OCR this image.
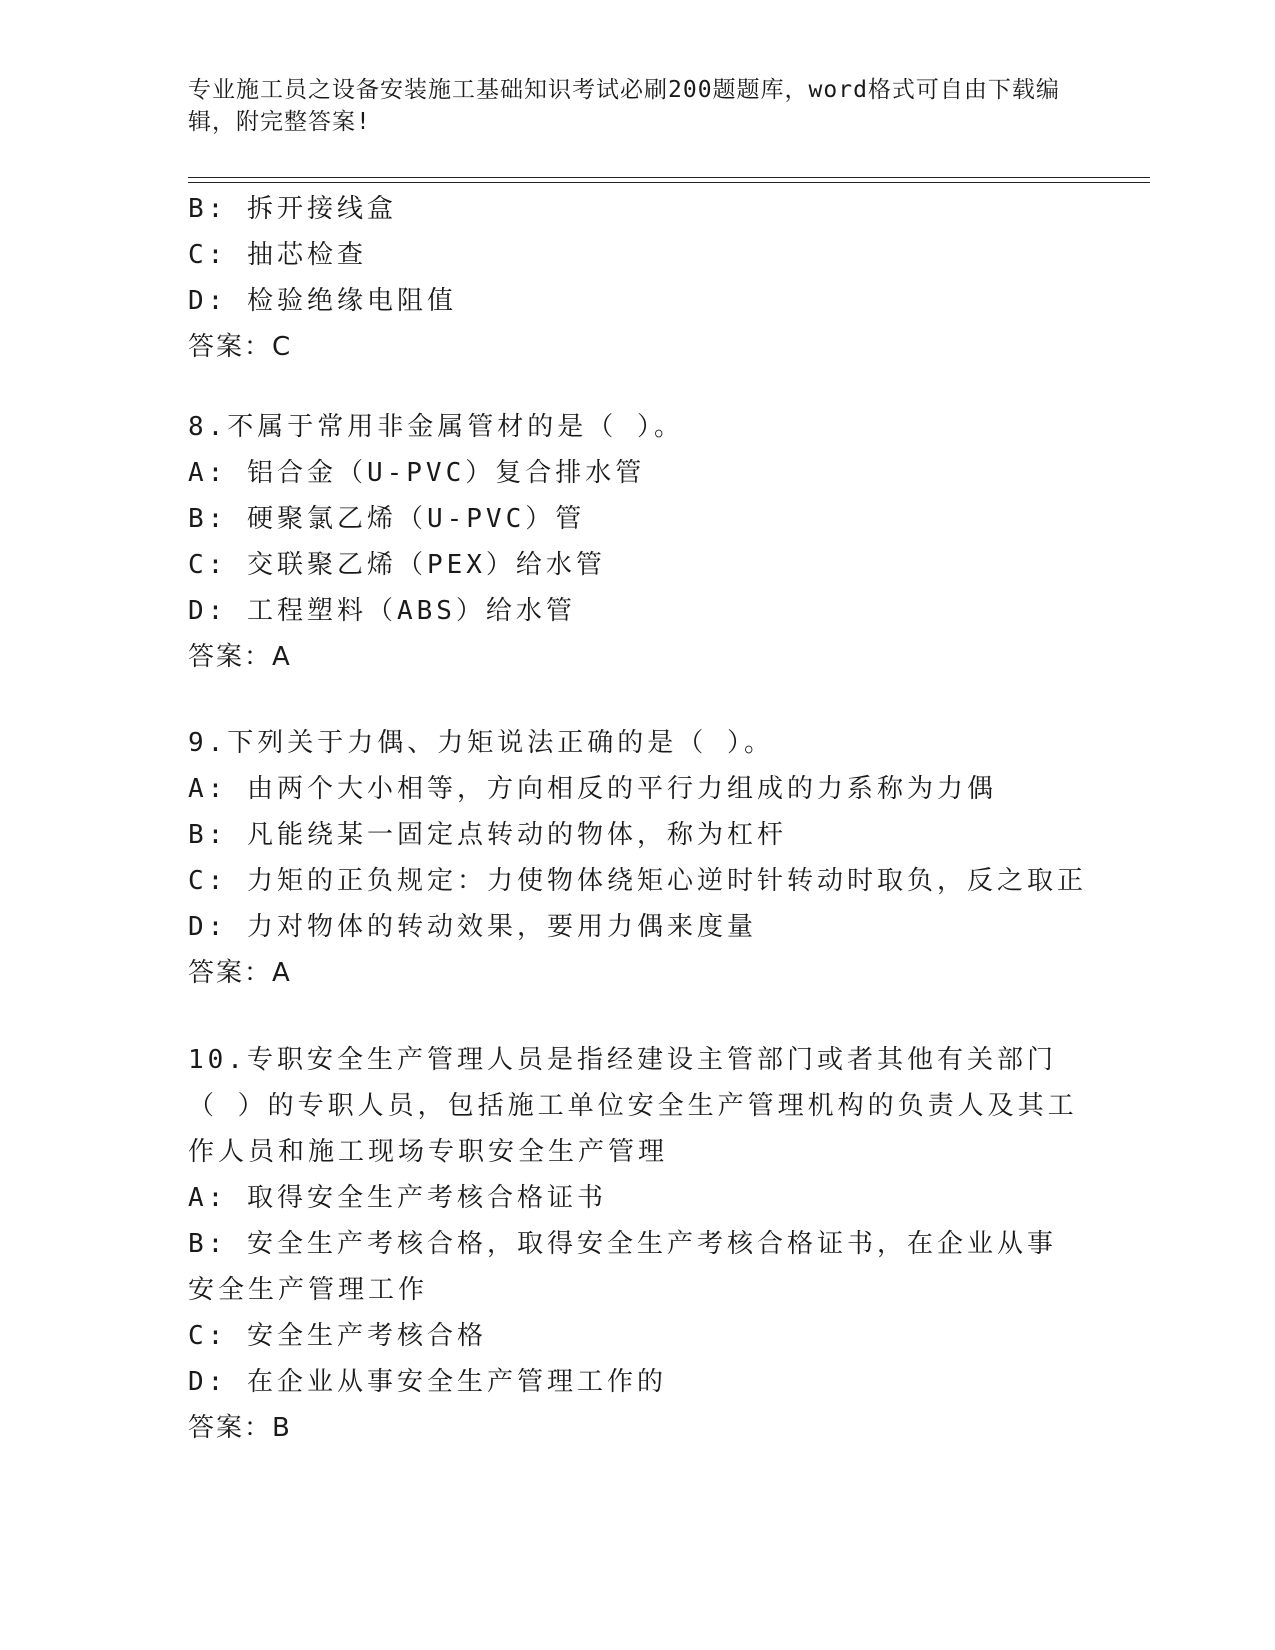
专业施工员之设备安装施工基础知识考试必刷200题题库，word格式可自由下载编辑，附完整答案!
B: 拆开接线盒
C: 抽芯检查
D: 检验绝缘电阻值
答案：C
8.不属于常用非金属管材的是（ ）。
A: 铝合金（U-PVC）复合排水管
B: 硬聚氯乙烯（U-PVC）管
C: 交联聚乙烯（PEX）给水管
D: 工程塑料（ABS）给水管
答案：A
9.下列关于力偶、力矩说法正确的是（ ）。
A: 由两个大小相等，方向相反的平行力组成的力系称为力偶
B: 凡能绕某一固定点转动的物体，称为杠杆
C: 力矩的正负规定：力使物体绕矩心逆时针转动时取负，反之取正
D: 力对物体的转动效果，要用力偶来度量
答案：A
10.专职安全生产管理人员是指经建设主管部门或者其他有关部门（ ）的专职人员，包括施工单位安全生产管理机构的负责人及其工作人员和施工现场专职安全生产管理
A: 取得安全生产考核合格证书
B: 安全生产考核合格，取得安全生产考核合格证书，在企业从事安全生产管理工作
C: 安全生产考核合格
D: 在企业从事安全生产管理工作的
答案：B
